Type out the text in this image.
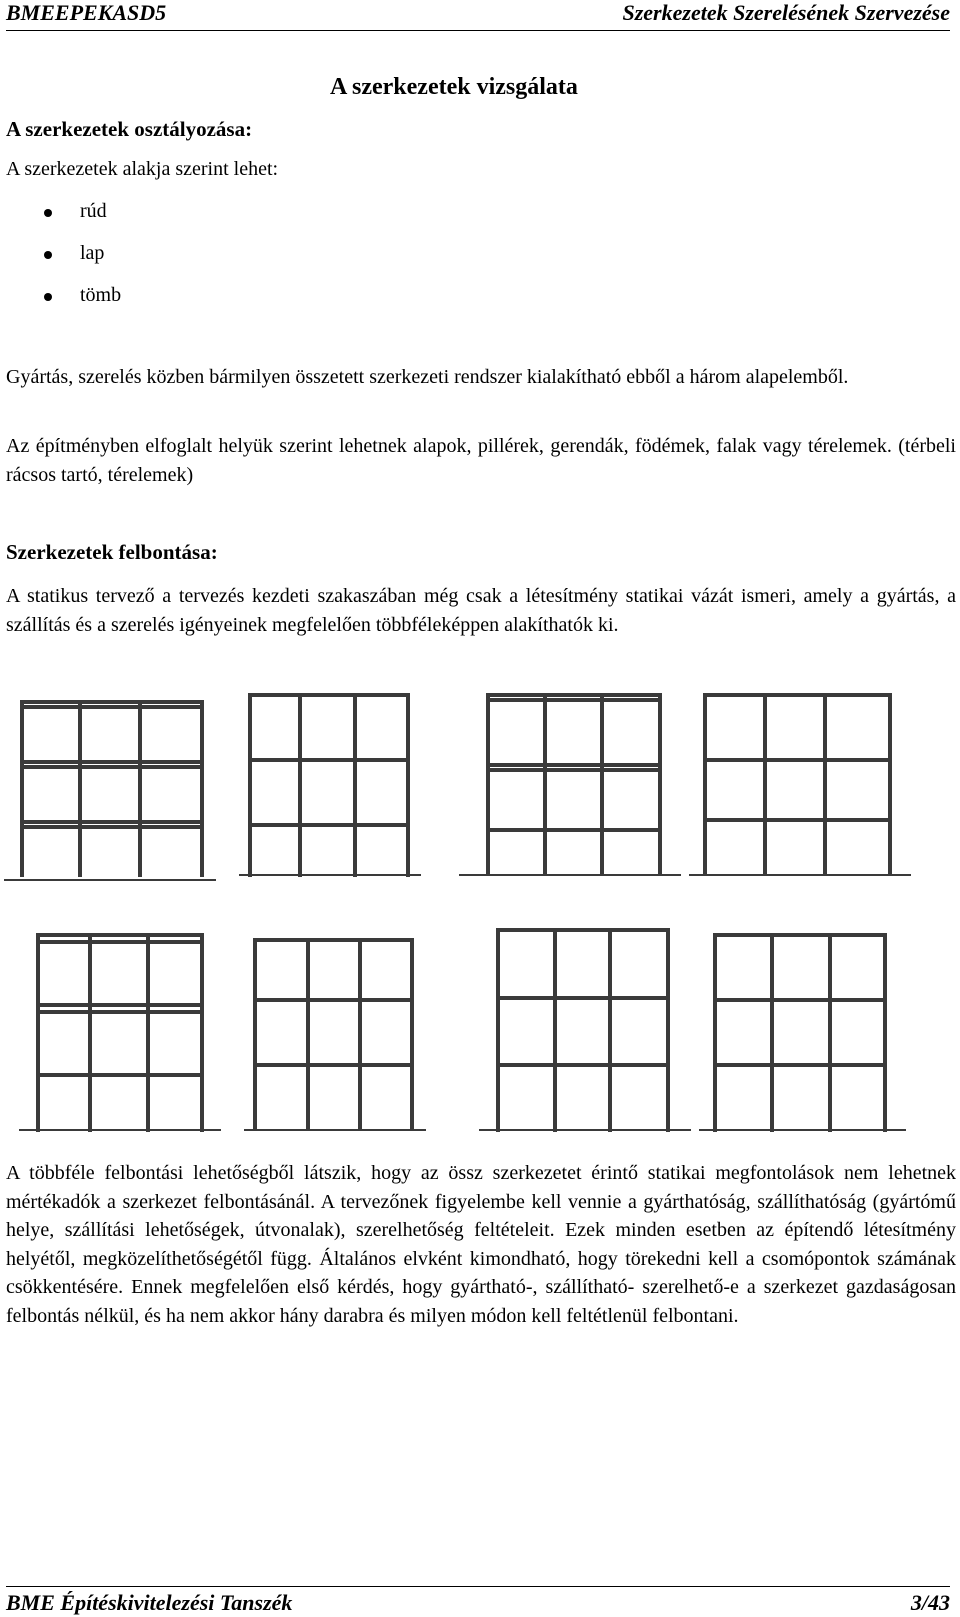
BMEEPEKASD5	Szerkezetek Szerelésének Szervezése
A szerkezetek vizsgálata
A szerkezetek osztályozása:
A szerkezetek alakja szerint lehet:
rúd
lap
tömb
Gyártás, szerelés közben bármilyen összetett szerkezeti rendszer kialakítható ebből a három alapelemből.
Az építményben elfoglalt helyük szerint lehetnek alapok, pillérek, gerendák, födémek, falak vagy térelemek. (térbeli rácsos tartó, térelemek)
Szerkezetek felbontása:
A statikus tervező a tervezés kezdeti szakaszában még csak a létesítmény statikai vázát ismeri, amely a gyártás, a szállítás és a szerelés igényeinek megfelelően többféleképpen alakíthatók ki.
A többféle felbontási lehetőségből látszik, hogy az össz szerkezetet érintő statikai megfontolások nem lehetnek mértékadók a szerkezet felbontásánál. A tervezőnek figyelembe kell vennie a gyárthatóság, szállíthatóság (gyártómű helye, szállítási lehetőségek, útvonalak), szerelhetőség feltételeit. Ezek minden esetben az építendő létesítmény helyétől, megközelíthetőségétől függ. Általános elvként kimondható, hogy törekedni kell a csomópontok számának csökkentésére. Ennek megfelelően első kérdés, hogy gyártható-, szállítható- szerelhető-e a szerkezet gazdaságosan felbontás nélkül, és ha nem akkor hány darabra és milyen módon kell feltétlenül felbontani.
BME Építéskivitelezési Tanszék	3/43
